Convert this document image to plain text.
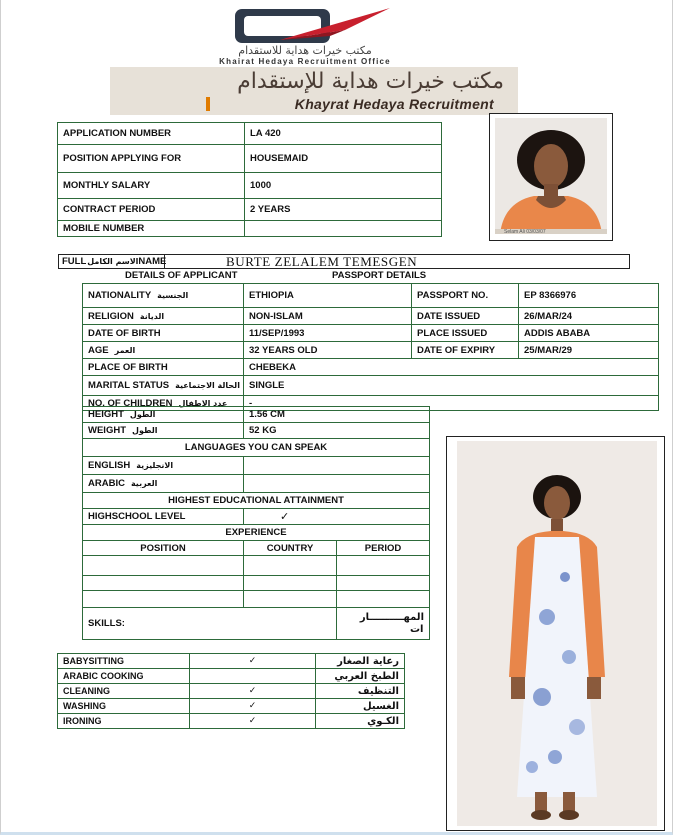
مكتب خيرات هداية للاستقدام
Khairat Hedaya Recruitment Office
مكتب خيرات هداية للإستقدام
Khayrat Hedaya Recruitment
APPLICATION NUMBER	LA 420
POSITION APPLYING FOR	HOUSEMAID
MONTHLY SALARY	1000
CONTRACT PERIOD	2 YEARS
MOBILE NUMBER		Selam Ali 03/03/07
FULLالاسم الكاملNAME	BURTE ZELALEM TEMESGEN
DETAILS OF APPLICANT	PASSPORT DETAILS
NATIONALITY الجنسية	ETHIOPIA	PASSPORT NO.	EP 8366976
RELIGION الديانة	NON-ISLAM	DATE ISSUED	26/MAR/24
DATE OF BIRTH	11/SEP/1993	PLACE ISSUED	ADDIS ABABA
AGE العمر	32 YEARS OLD	DATE OF EXPIRY	25/MAR/29
PLACE OF BIRTH	CHEBEKA		
MARITAL STATUS الحالة الاجتماعية	SINGLE		
NO. OF CHILDREN عدد الاطفال	-		
HEIGHT الطول	1.56 CM	
WEIGHT الطول	52 KG	
LANGUAGES YOU CAN SPEAK		
ENGLISH الانجليزية		
ARABIC العربية		
HIGHEST EDUCATIONAL ATTAINMENT		
HIGHSCHOOL LEVEL	✓	
EXPERIENCE		
POSITION	COUNTRY	PERIOD

SKILLS:		المهــــــــــار
ات
BABYSITTING	✓	رعاية الصغار
ARABIC COOKING		الطبخ العربي
CLEANING	✓	التنظيف
WASHING	✓	الغسيل
IRONING	✓	الكـوي
